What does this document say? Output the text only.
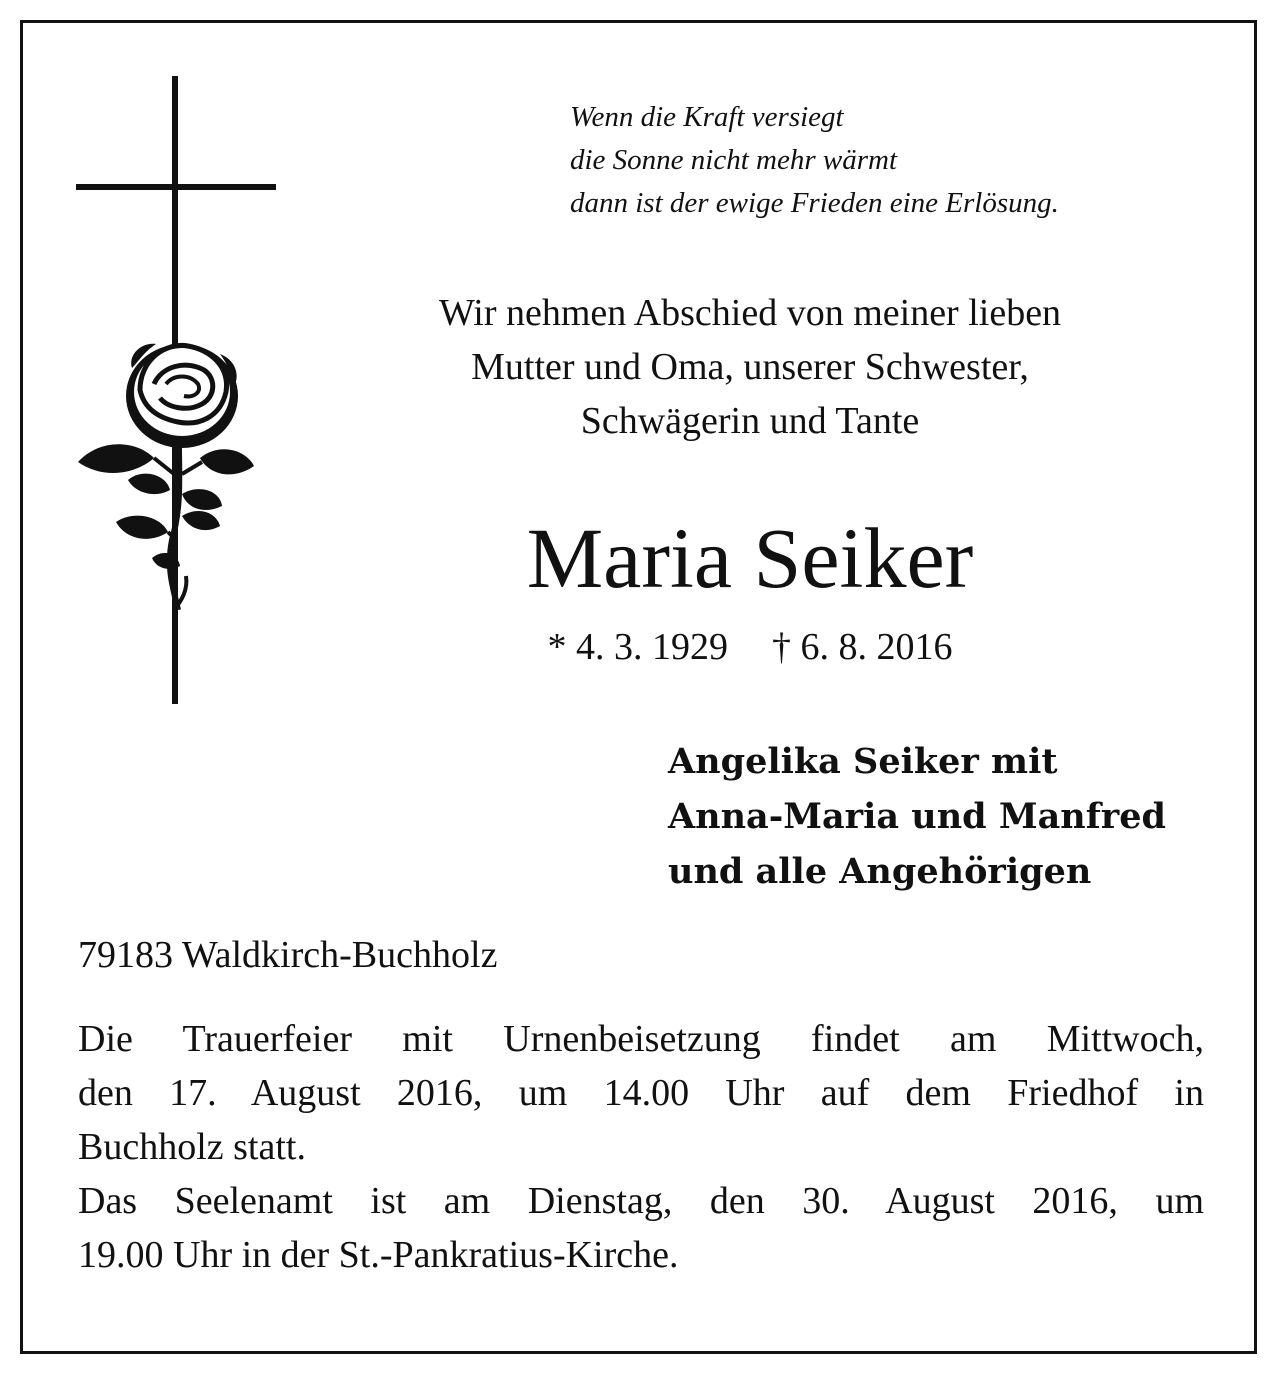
Wenn die Kraft versiegt
die Sonne nicht mehr wärmt
dann ist der ewige Frieden eine Erlösung.
Wir nehmen Abschied von meiner lieben
Mutter und Oma, unserer Schwester,
Schwägerin und Tante
Maria Seiker
* 4. 3. 1929 † 6. 8. 2016
Angelika Seiker mit
Anna-Maria und Manfred
und alle Angehörigen
79183 Waldkirch-Buchholz
Die Trauerfeier mit Urnenbeisetzung findet am Mittwoch,
den 17. August 2016, um 14.00 Uhr auf dem Friedhof in
Buchholz statt.
Das Seelenamt ist am Dienstag, den 30. August 2016, um
19.00 Uhr in der St.-Pankratius-Kirche.
